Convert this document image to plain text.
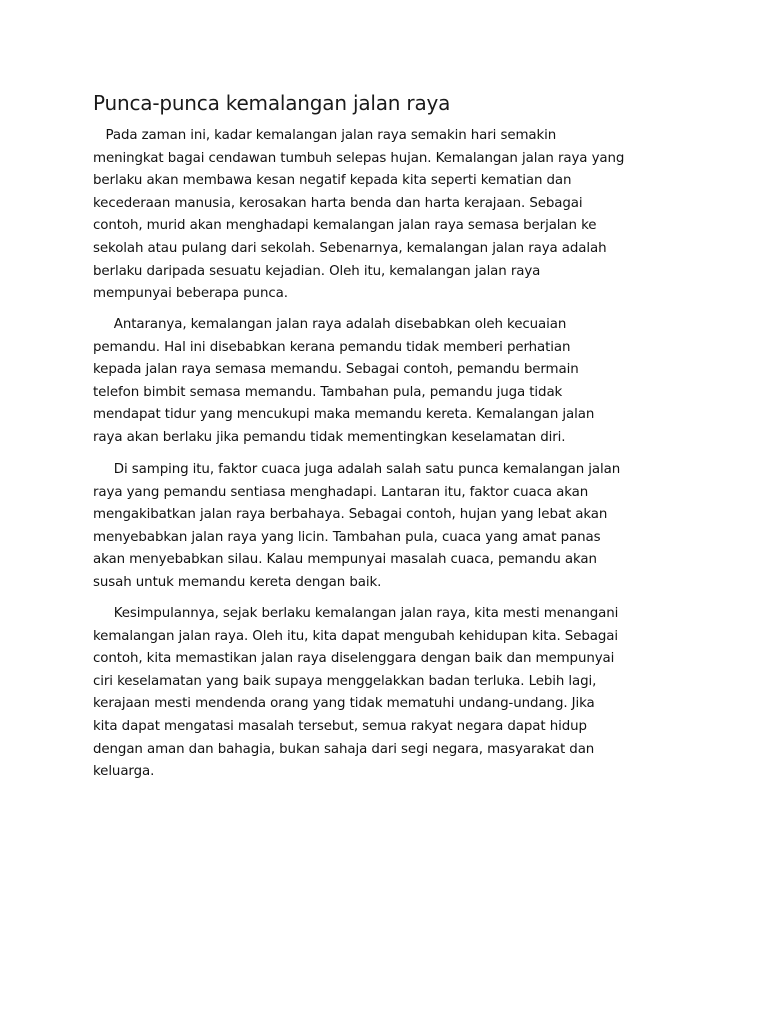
Punca-punca kemalangan jalan raya

Pada zaman ini, kadar kemalangan jalan raya semakin hari semakin
meningkat bagai cendawan tumbuh selepas hujan. Kemalangan jalan raya yang
berlaku akan membawa kesan negatif kepada kita seperti kematian dan
kecederaan manusia, kerosakan harta benda dan harta kerajaan. Sebagai
contoh, murid akan menghadapi kemalangan jalan raya semasa berjalan ke
sekolah atau pulang dari sekolah. Sebenarnya, kemalangan jalan raya adalah
berlaku daripada sesuatu kejadian. Oleh itu, kemalangan jalan raya
mempunyai beberapa punca.

Antaranya, kemalangan jalan raya adalah disebabkan oleh kecuaian
pemandu. Hal ini disebabkan kerana pemandu tidak memberi perhatian
kepada jalan raya semasa memandu. Sebagai contoh, pemandu bermain
telefon bimbit semasa memandu. Tambahan pula, pemandu juga tidak
mendapat tidur yang mencukupi maka memandu kereta. Kemalangan jalan
raya akan berlaku jika pemandu tidak mementingkan keselamatan diri.

Di samping itu, faktor cuaca juga adalah salah satu punca kemalangan jalan
raya yang pemandu sentiasa menghadapi. Lantaran itu, faktor cuaca akan
mengakibatkan jalan raya berbahaya. Sebagai contoh, hujan yang lebat akan
menyebabkan jalan raya yang licin. Tambahan pula, cuaca yang amat panas
akan menyebabkan silau. Kalau mempunyai masalah cuaca, pemandu akan
susah untuk memandu kereta dengan baik.

Kesimpulannya, sejak berlaku kemalangan jalan raya, kita mesti menangani
kemalangan jalan raya. Oleh itu, kita dapat mengubah kehidupan kita. Sebagai
contoh, kita memastikan jalan raya diselenggara dengan baik dan mempunyai
ciri keselamatan yang baik supaya menggelakkan badan terluka. Lebih lagi,
kerajaan mesti mendenda orang yang tidak mematuhi undang-undang. Jika
kita dapat mengatasi masalah tersebut, semua rakyat negara dapat hidup
dengan aman dan bahagia, bukan sahaja dari segi negara, masyarakat dan
keluarga.
